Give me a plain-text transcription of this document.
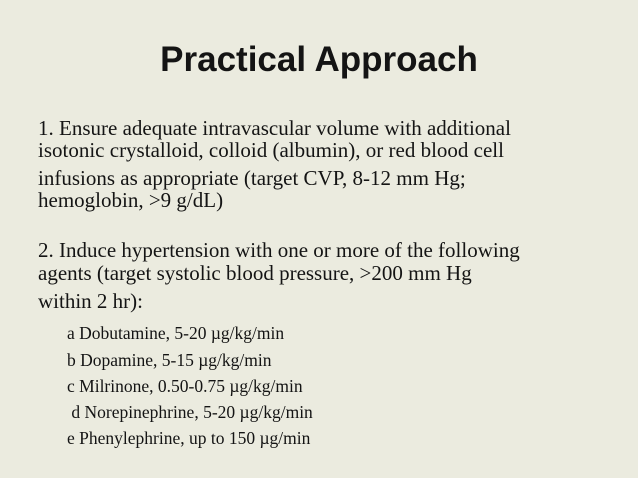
Practical Approach
1. Ensure adequate intravascular volume with additional
isotonic crystalloid, colloid (albumin), or red blood cell
infusions as appropriate (target CVP, 8-12 mm Hg;
hemoglobin, >9 g/dL)
2. Induce hypertension with one or more of the following
agents (target systolic blood pressure, >200 mm Hg
within 2 hr):
a Dobutamine, 5-20 µg/kg/min
b Dopamine, 5-15 µg/kg/min
c Milrinone, 0.50-0.75 µg/kg/min
d Norepinephrine, 5-20 µg/kg/min
e Phenylephrine, up to 150 µg/min
